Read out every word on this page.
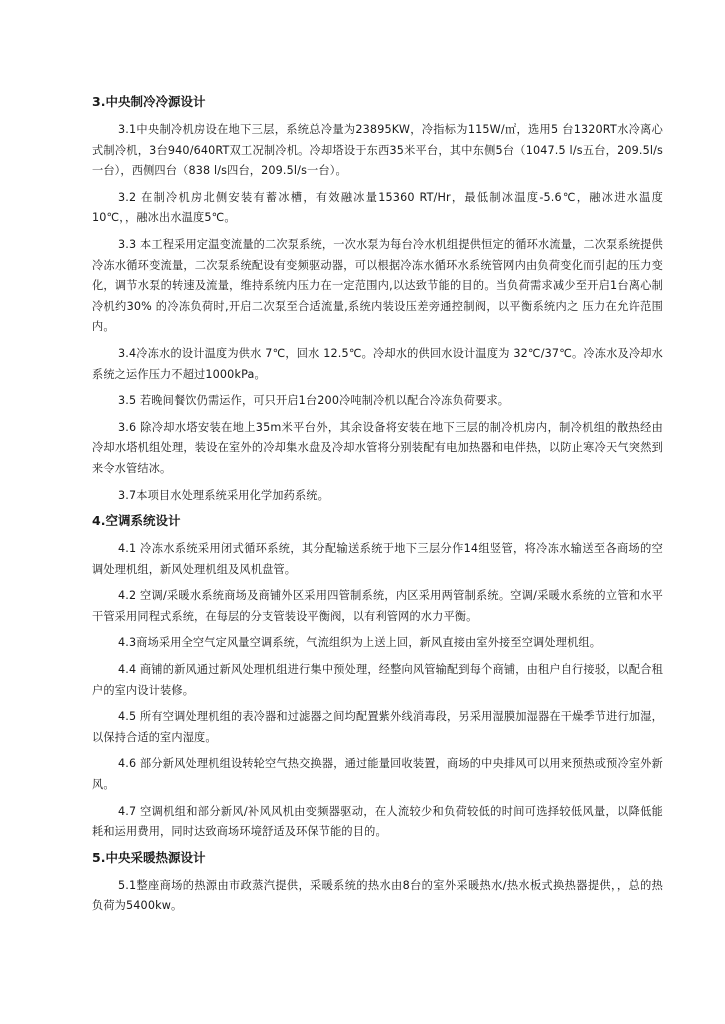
3.中央制冷冷源设计

3.1中央制冷机房设在地下三层，系统总冷量为23895KW，冷指标为115W/㎡，选用5 台1320RT水冷离心式制冷机，3台940/640RT双工况制冷机。冷却塔设于东西35米平台，其中东侧5台（1047.5 l/s五台，209.5l/s一台），西侧四台（838 l/s四台，209.5l/s一台）。

3.2 在制冷机房北侧安装有蓄冰槽，有效融冰量15360 RT/Hr，最低制冰温度-5.6℃，融冰进水温度10℃，，融冰出水温度5℃。

3.3 本工程采用定温变流量的二次泵系统，一次水泵为每台冷水机组提供恒定的循环水流量，二次泵系统提供冷冻水循环变流量，二次泵系统配设有变频驱动器，可以根据冷冻水循环水系统管网内由负荷变化而引起的压力变化，调节水泵的转速及流量，维持系统内压力在一定范围内,以达致节能的目的。当负荷需求减少至开启1台离心制冷机约30% 的冷冻负荷时,开启二次泵至合适流量,系统内装设压差旁通控制阀，以平衡系统内之 压力在允许范围内。

3.4冷冻水的设计温度为供水 7℃，回水 12.5℃。冷却水的供回水设计温度为 32℃/37℃。冷冻水及冷却水系统之运作压力不超过1000kPa。

3.5 若晚间餐饮仍需运作，可只开启1台200冷吨制冷机以配合冷冻负荷要求。

3.6 除冷却水塔安装在地上35m米平台外，其余设备将安装在地下三层的制冷机房内，制冷机组的散热经由冷却水塔机组处理，装设在室外的冷却集水盘及冷却水管将分别装配有电加热器和电伴热，以防止寒冷天气突然到来令水管结冰。

3.7本项目水处理系统采用化学加药系统。

4.空调系统设计

4.1 冷冻水系统采用闭式循环系统，其分配输送系统于地下三层分作14组竖管，将冷冻水输送至各商场的空调处理机组，新风处理机组及风机盘管。

4.2 空调/采暖水系统商场及商铺外区采用四管制系统，内区采用两管制系统。空调/采暖水系统的立管和水平干管采用同程式系统，在每层的分支管装设平衡阀，以有利管网的水力平衡。

4.3商场采用全空气定风量空调系统，气流组织为上送上回，新风直接由室外接至空调处理机组。

4.4 商铺的新风通过新风处理机组进行集中预处理，经整向风管输配到每个商铺，由租户自行接驳，以配合租户的室内设计装修。

4.5 所有空调处理机组的表冷器和过滤器之间均配置紫外线消毒段，另采用湿膜加湿器在干燥季节进行加湿，以保持合适的室内湿度。

4.6 部分新风处理机组设转轮空气热交换器，通过能量回收装置，商场的中央排风可以用来预热或预冷室外新风。

4.7 空调机组和部分新风/补风风机由变频器驱动，在人流较少和负荷较低的时间可选择较低风量，以降低能耗和运用费用，同时达致商场环境舒适及环保节能的目的。

5.中央采暖热源设计

5.1整座商场的热源由市政蒸汽提供，采暖系统的热水由8台的室外采暖热水/热水板式换热器提供，，总的热负荷为5400kw。
